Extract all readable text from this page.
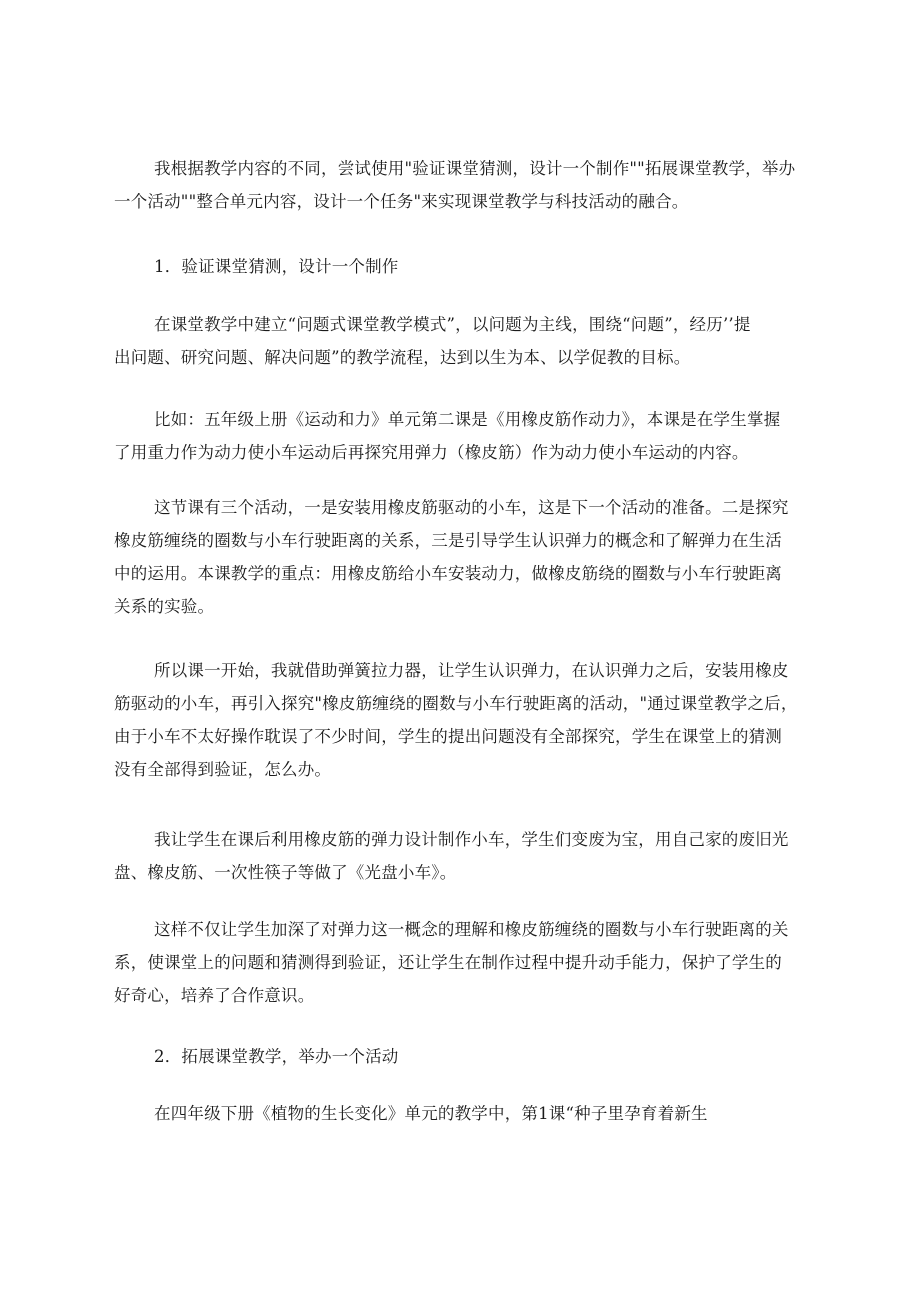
我根据教学内容的不同，尝试使用"验证课堂猜测，设计一个制作""拓展课堂教学，举办
一个活动""整合单元内容，设计一个任务"来实现课堂教学与科技活动的融合。
1．验证课堂猜测，设计一个制作
在课堂教学中建立“问题式课堂教学模式”，以问题为主线，围绕“问题”，经历’’提
出问题、研究问题、解决问题”的教学流程，达到以生为本、以学促教的目标。
比如：五年级上册《运动和力》单元第二课是《用橡皮筋作动力》，本课是在学生掌握
了用重力作为动力使小车运动后再探究用弹力（橡皮筋）作为动力使小车运动的内容。
这节课有三个活动，一是安装用橡皮筋驱动的小车，这是下一个活动的准备。二是探究
橡皮筋缠绕的圈数与小车行驶距离的关系，三是引导学生认识弹力的概念和了解弹力在生活
中的运用。本课教学的重点：用橡皮筋给小车安装动力，做橡皮筋绕的圈数与小车行驶距离
关系的实验。
所以课一开始，我就借助弹簧拉力器，让学生认识弹力，在认识弹力之后，安装用橡皮
筋驱动的小车，再引入探究"橡皮筋缠绕的圈数与小车行驶距离的活动，"通过课堂教学之后，
由于小车不太好操作耽误了不少时间，学生的提出问题没有全部探究，学生在课堂上的猜测
没有全部得到验证，怎么办。
我让学生在课后利用橡皮筋的弹力设计制作小车，学生们变废为宝，用自己家的废旧光
盘、橡皮筋、一次性筷子等做了《光盘小车》。
这样不仅让学生加深了对弹力这一概念的理解和橡皮筋缠绕的圈数与小车行驶距离的关
系，使课堂上的问题和猜测得到验证，还让学生在制作过程中提升动手能力，保护了学生的
好奇心，培养了合作意识。
2．拓展课堂教学，举办一个活动
在四年级下册《植物的生长变化》单元的教学中，第1课“种子里孕育着新生
